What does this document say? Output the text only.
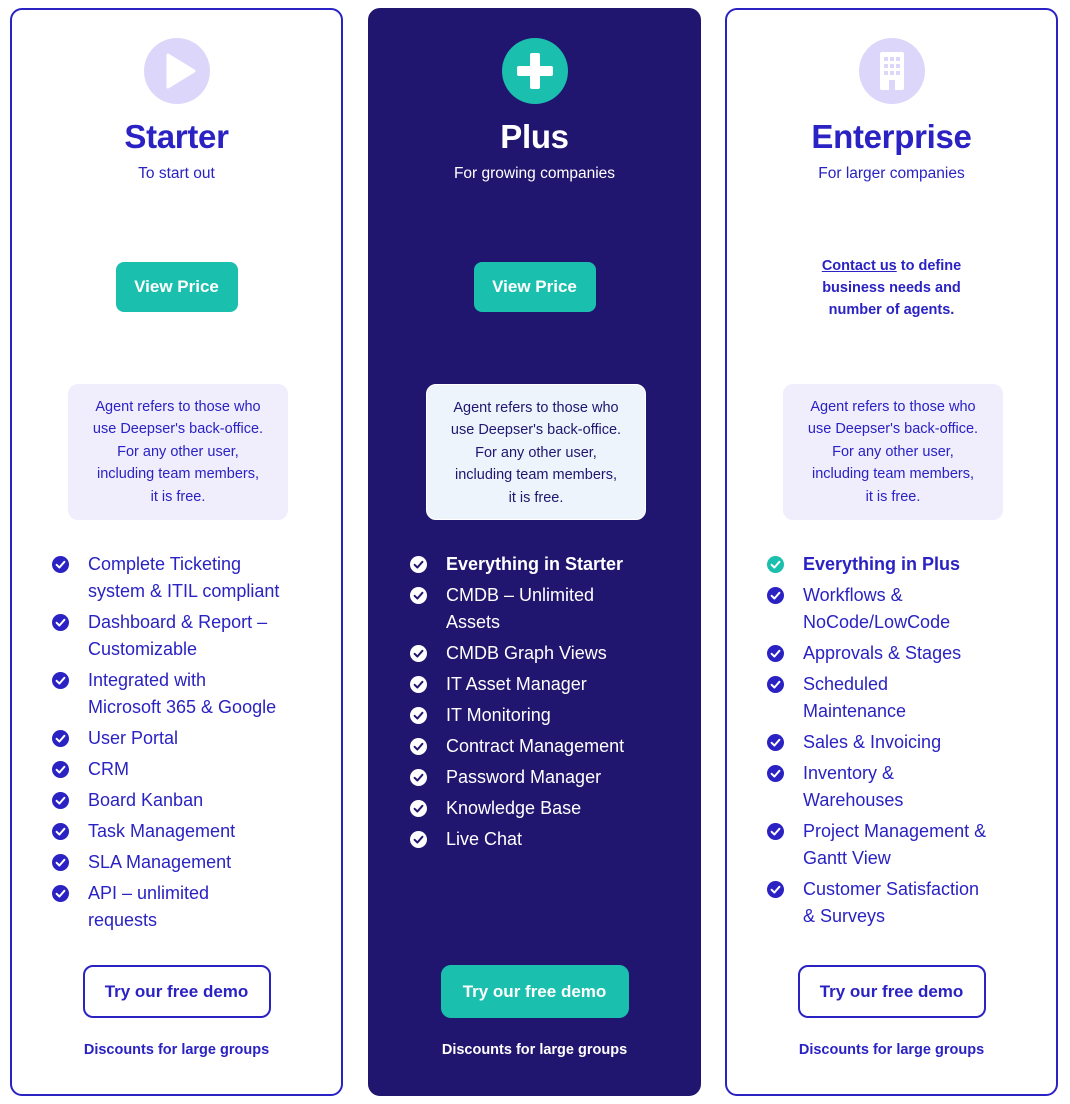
Starter
To start out
View Price
Agent refers to those who
use Deepser's back-office.
For any other user,
including team members,
it is free.
Complete Ticketing
system & ITIL compliant
Dashboard & Report –
Customizable
Integrated with
Microsoft 365 & Google
User Portal
CRM
Board Kanban
Task Management
SLA Management
API – unlimited
requests
Try our free demo
Discounts for large groups
Plus
For growing companies
View Price
Agent refers to those who
use Deepser's back-office.
For any other user,
including team members,
it is free.
Everything in Starter
CMDB – Unlimited
Assets
CMDB Graph Views
IT Asset Manager
IT Monitoring
Contract Management
Password Manager
Knowledge Base
Live Chat
Try our free demo
Discounts for large groups
Enterprise
For larger companies
Contact us to define
business needs and
number of agents.
Agent refers to those who
use Deepser's back-office.
For any other user,
including team members,
it is free.
Everything in Plus
Workflows &
NoCode/LowCode
Approvals & Stages
Scheduled
Maintenance
Sales & Invoicing
Inventory &
Warehouses
Project Management &
Gantt View
Customer Satisfaction
& Surveys
Try our free demo
Discounts for large groups
